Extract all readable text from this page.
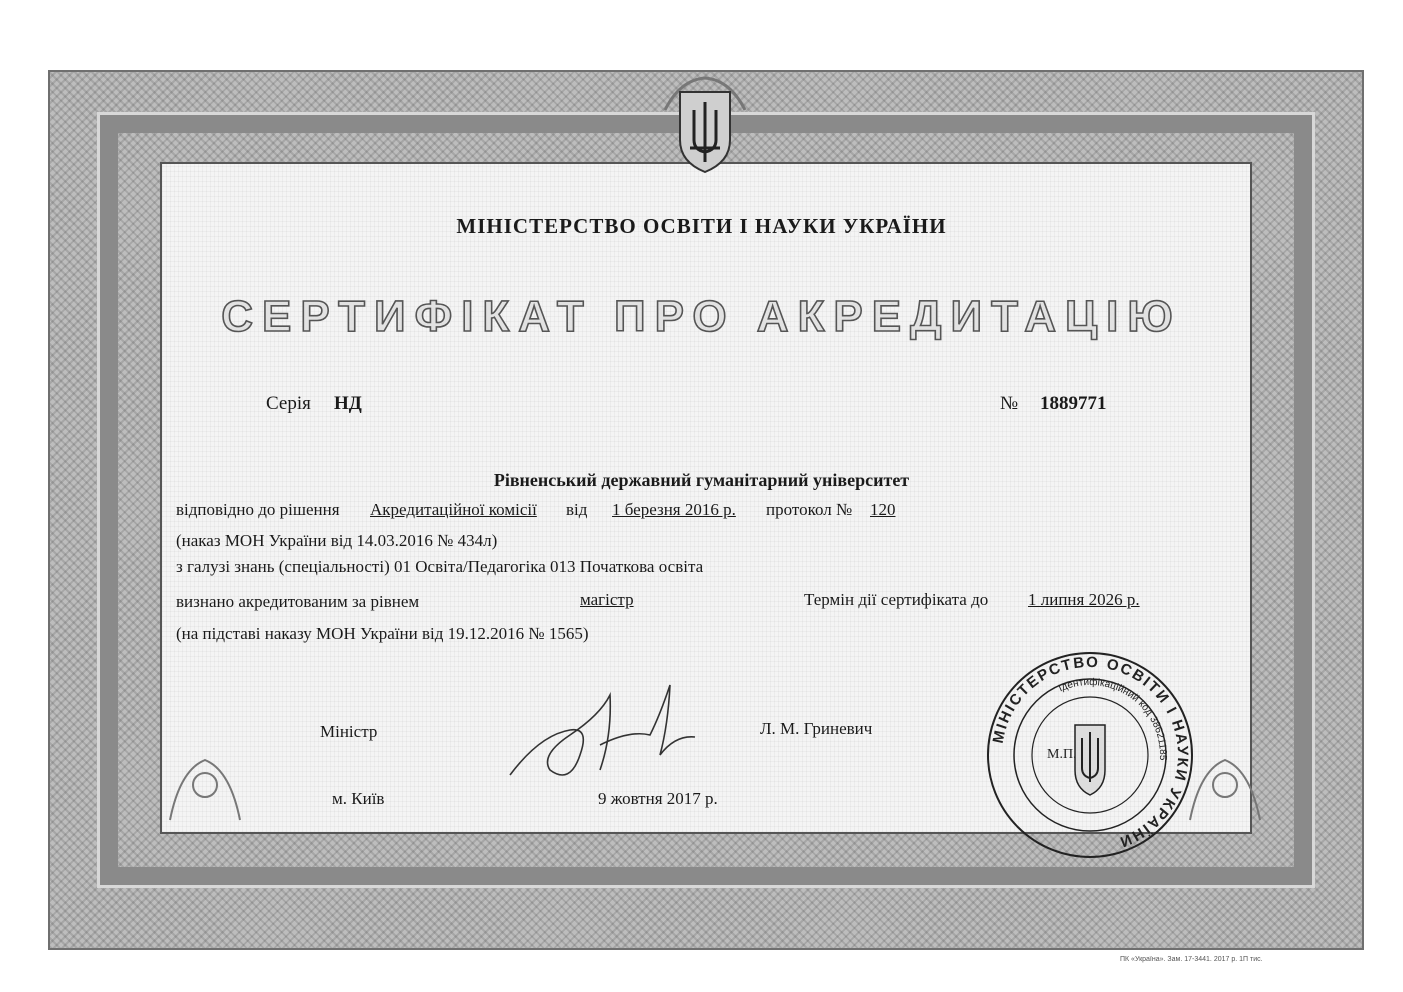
МІНІСТЕРСТВО ОСВІТИ І НАУКИ УКРАЇНИ
СЕРТИФІКАТ ПРО АКРЕДИТАЦІЮ
Серія НД	№ 1889771
Рівненський державний гуманітарний університет
відповідно до рішення Акредитаційної комісії від 1 березня 2016 р. протокол № 120
(наказ МОН України від 14.03.2016 № 434л)
з галузі знань (спеціальності) 01 Освіта/Педагогіка 013 Початкова освіта
визнано акредитованим за рівнем	магістр	Термін дії сертифіката до 1 липня 2026 р.
(на підставі наказу МОН України від 19.12.2016 № 1565)
Міністр	Л. М. Гриневич
м. Київ	9 жовтня 2017 р.
МІНІСТЕРСТВО ОСВІТИ І НАУКИ УКРАЇНИ
Ідентифікаційний код 38621185
М.П.
ПК «Україна». Зам. 17-3441. 2017 р. 1П тис.
